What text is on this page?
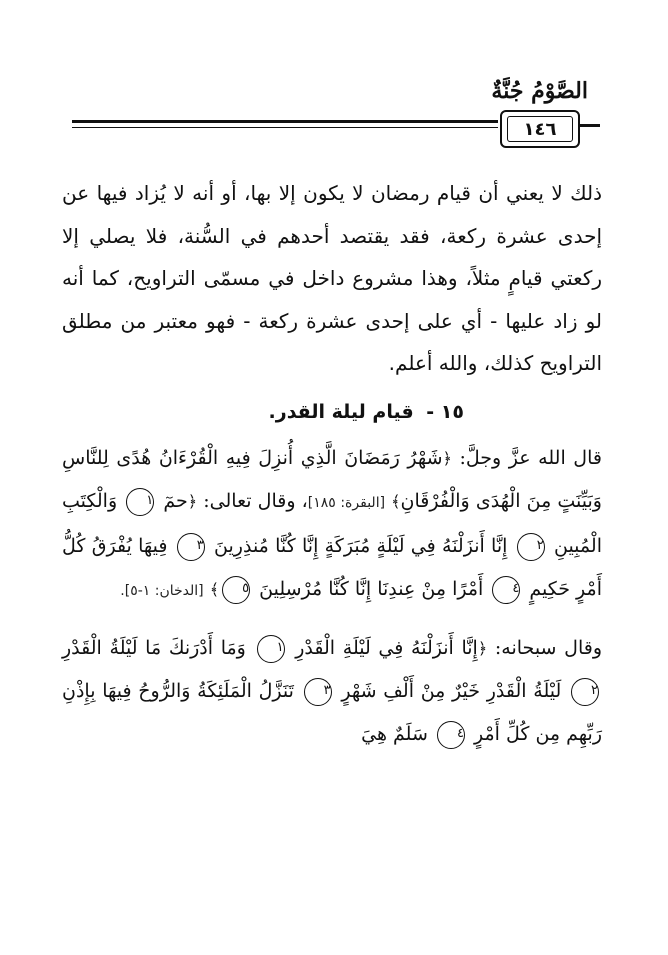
الصَّوْمُ جُنَّةٌ
١٤٦

ذلك لا يعني أن قيام رمضان لا يكون إلا بها، أو أنه لا يُزاد فيها عن إحدى عشرة ركعة، فقد يقتصد أحدهم في السُّنة، فلا يصلي إلا ركعتي قيامٍ مثلاً، وهذا مشروع داخل في مسمّى التراويح، كما أنه لو زاد عليها - أي على إحدى عشرة ركعة - فهو معتبر من مطلق التراويح كذلك، والله أعلم.

١٥ - قيام ليلة القدر.

قال الله عزَّ وجلَّ: ﴿شَهْرُ رَمَضَانَ الَّذِي أُنزِلَ فِيهِ الْقُرْءَانُ هُدًى لِلنَّاسِ وَبَيِّنَتٍ مِنَ الْهُدَى وَالْفُرْقَانِ﴾ [البقرة: ١٨٥]، وقال تعالى: ﴿حمٓ ١ وَالْكِتَبِ الْمُبِينِ ٢ إِنَّا أَنزَلْنَهُ فِي لَيْلَةٍ مُبَرَكَةٍ إِنَّا كُنَّا مُنذِرِينَ ٣ فِيهَا يُفْرَقُ كُلُّ أَمْرٍ حَكِيمٍ ٤ أَمْرًا مِنْ عِندِنَا إِنَّا كُنَّا مُرْسِلِينَ ٥﴾ [الدخان: ١-٥].

وقال سبحانه: ﴿إِنَّا أَنزَلْنَهُ فِي لَيْلَةِ الْقَدْرِ ١ وَمَا أَدْرَنكَ مَا لَيْلَةُ الْقَدْرِ ٢ لَيْلَةُ الْقَدْرِ خَيْرٌ مِنْ أَلْفِ شَهْرٍ ٣ تَنَزَّلُ الْمَلَئِكَةُ وَالرُّوحُ فِيهَا بِإِذْنِ رَبِّهِم مِن كُلِّ أَمْرٍ ٤ سَلَمٌ هِيَ
